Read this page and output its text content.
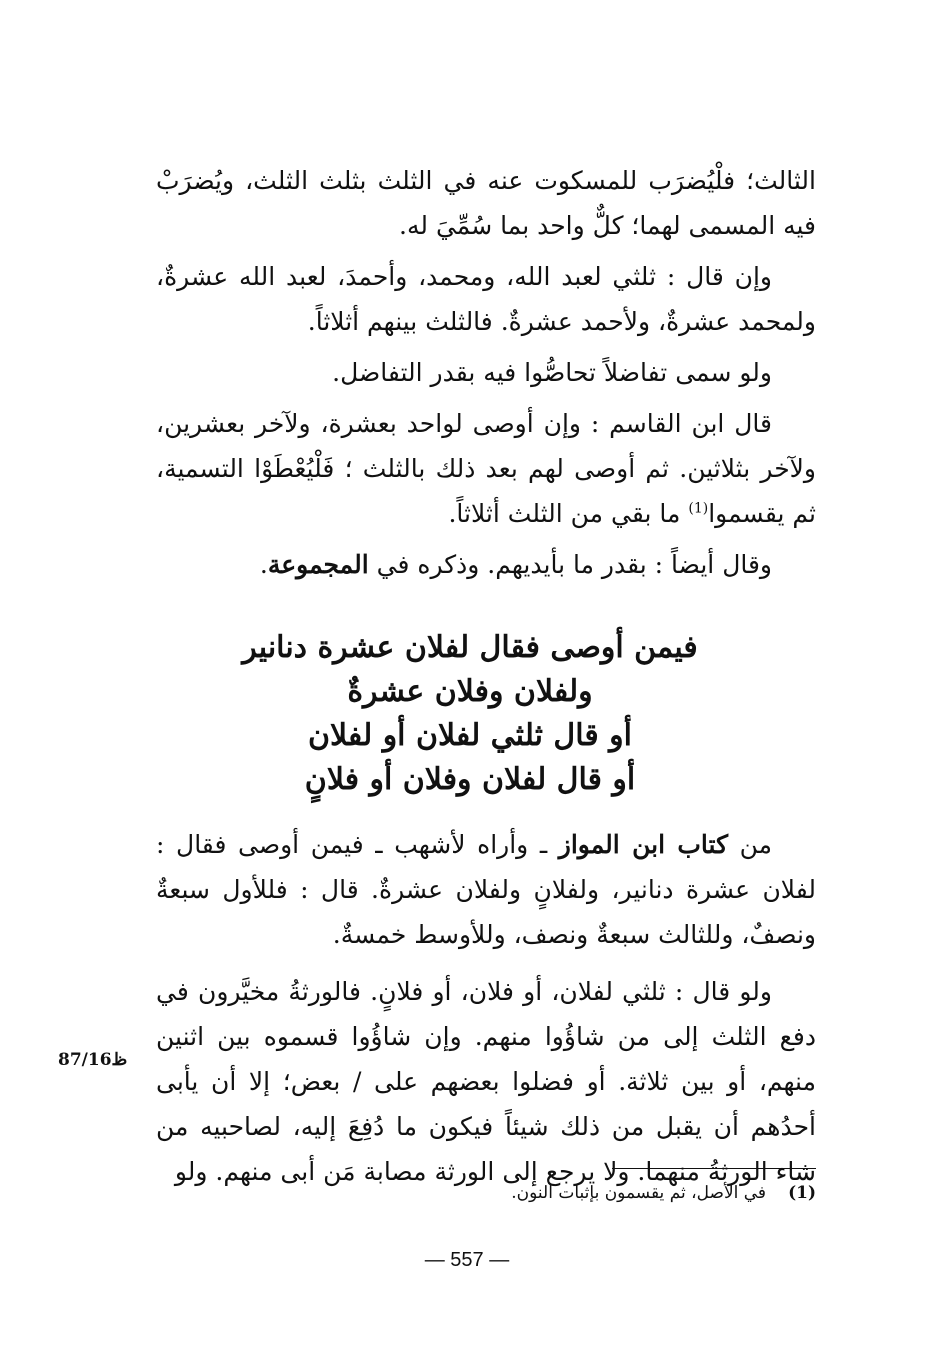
الثالث؛ فلْيُضرَب للمسكوت عنه في الثلث بثلث الثلث، ويُضرَبْ فيه المسمى لهما؛ كلٌّ واحد بما سُمِّيَ له.

وإن قال : ثلثي لعبد الله، ومحمد، وأحمدَ، لعبد الله عشرةٌ، ولمحمد عشرةٌ، ولأحمد عشرةٌ. فالثلث بينهم أثلاثاً.

ولو سمى تفاضلاً تحاصُّوا فيه بقدر التفاضل.

قال ابن القاسم : وإن أوصى لواحد بعشرة، ولآخر بعشرين، ولآخر بثلاثين. ثم أوصى لهم بعد ذلك بالثلث ؛ فَلْيُعْطَوْا التسمية، ثم يقسموا$^{(1)}$ ما بقي من الثلث أثلاثاً.

وقال أيضاً : بقدر ما بأيديهم. وذكره في المجموعة.

فيمن أوصى فقال لفلان عشرة دنانير
ولفلان وفلان عشرةٌ
أو قال ثلثي لفلان أو لفلان
أو قال لفلان وفلان أو فلانٍ

من كتاب ابن المواز ـ وأراه لأشهب ـ فيمن أوصى فقال : لفلان عشرة دنانير، ولفلانٍ ولفلان عشرةٌ. قال : فللأول سبعةٌ ونصفٌ، وللثالث سبعةٌ ونصف، وللأوسط خمسةٌ.

ولو قال : ثلثي لفلان، أو فلان، أو فلانٍ. فالورثةُ مخيَّرون في دفع الثلث إلى من شاؤُوا منهم. وإن شاؤُوا قسموه بين اثنين منهم، أو بين ثلاثة. أو فضلوا بعضهم على / بعض؛ إلا أن يأبى أحدُهم أن يقبل من ذلك شيئاً فيكون ما دُفِعَ إليه، لصاحبيه من شاء الورثةُ منهما. ولا يرجع إلى الورثة مصابة مَن أبى منهم. ولو

87/16ظ
(1)في الأصل، ثم يقسمون بإثبات النون.
— 557 —
